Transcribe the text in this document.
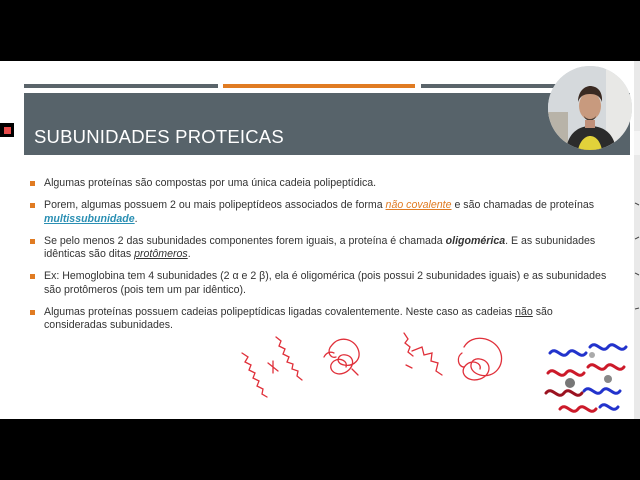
SUBUNIDADES PROTEICAS
Algumas proteínas são compostas por uma única cadeia polipeptídica.
Porem, algumas possuem 2 ou mais polipeptídeos associados de forma não covalente e são chamadas de proteínas multissubunidade.
Se pelo menos 2 das subunidades componentes forem iguais, a proteína é chamada oligomérica. E as subunidades idênticas são ditas protômeros.
Ex: Hemoglobina tem 4 subunidades (2 α e 2 β), ela é oligomérica (pois possui 2 subunidades iguais) e as subunidades são protômeros (pois tem um par idêntico).
Algumas proteínas possuem cadeias polipeptídicas ligadas covalentemente. Neste caso as cadeias não são consideradas subunidades.
